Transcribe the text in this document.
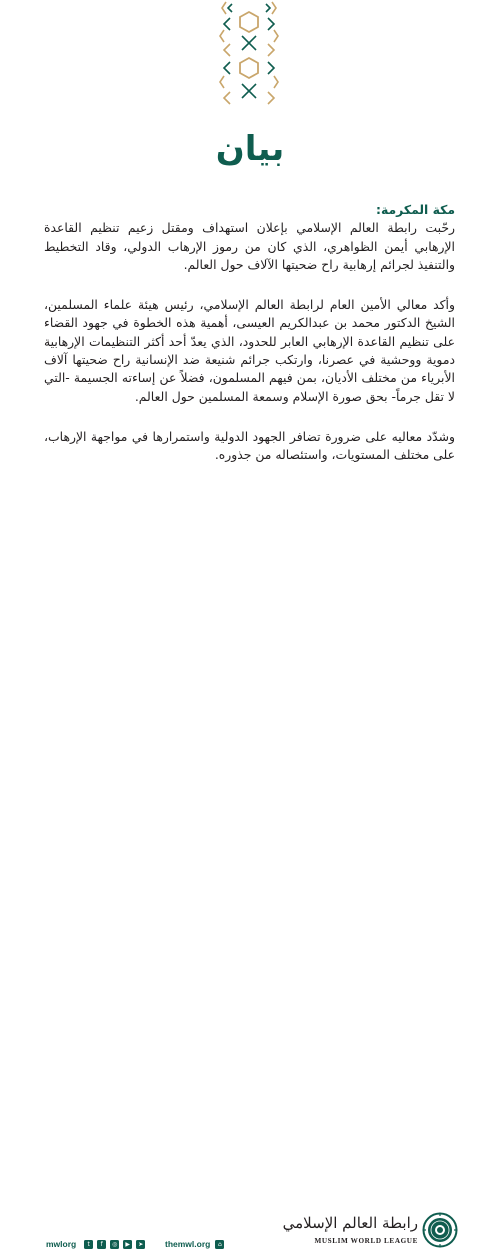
بيان

مكة المكرمة:
رحّبت رابطة العالم الإسلامي بإعلان استهداف ومقتل زعيم تنظيم القاعدة الإرهابي أيمن الظواهري، الذي كان من رموز الإرهاب الدولي، وقاد التخطيط والتنفيذ لجرائم إرهابية راح ضحيتها الآلاف حول العالم.

وأكد معالي الأمين العام لرابطة العالم الإسلامي، رئيس هيئة علماء المسلمين، الشيخ الدكتور محمد بن عبدالكريم العيسى، أهمية هذه الخطوة في جهود القضاء على تنظيم القاعدة الإرهابي العابر للحدود، الذي يعدّ أحد أكثر التنظيمات الإرهابية دموية ووحشية في عصرنا، وارتكب جرائم شنيعة ضد الإنسانية راح ضحيتها آلاف الأبرياء من مختلف الأديان، بمن فيهم المسلمون، فضلاً عن إساءته الجسيمة -التي لا تقل جرماً- بحق صورة الإسلام وسمعة المسلمين حول العالم.

وشدّد معاليه على ضرورة تضافر الجهود الدولية واستمرارها في مواجهة الإرهاب، على مختلف المستويات، واستئصاله من جذوره.

mwlorg	t	f	◎	▶	➤	themwl.org	⌂
رابطة العالم الإسلامي
MUSLIM WORLD LEAGUE
